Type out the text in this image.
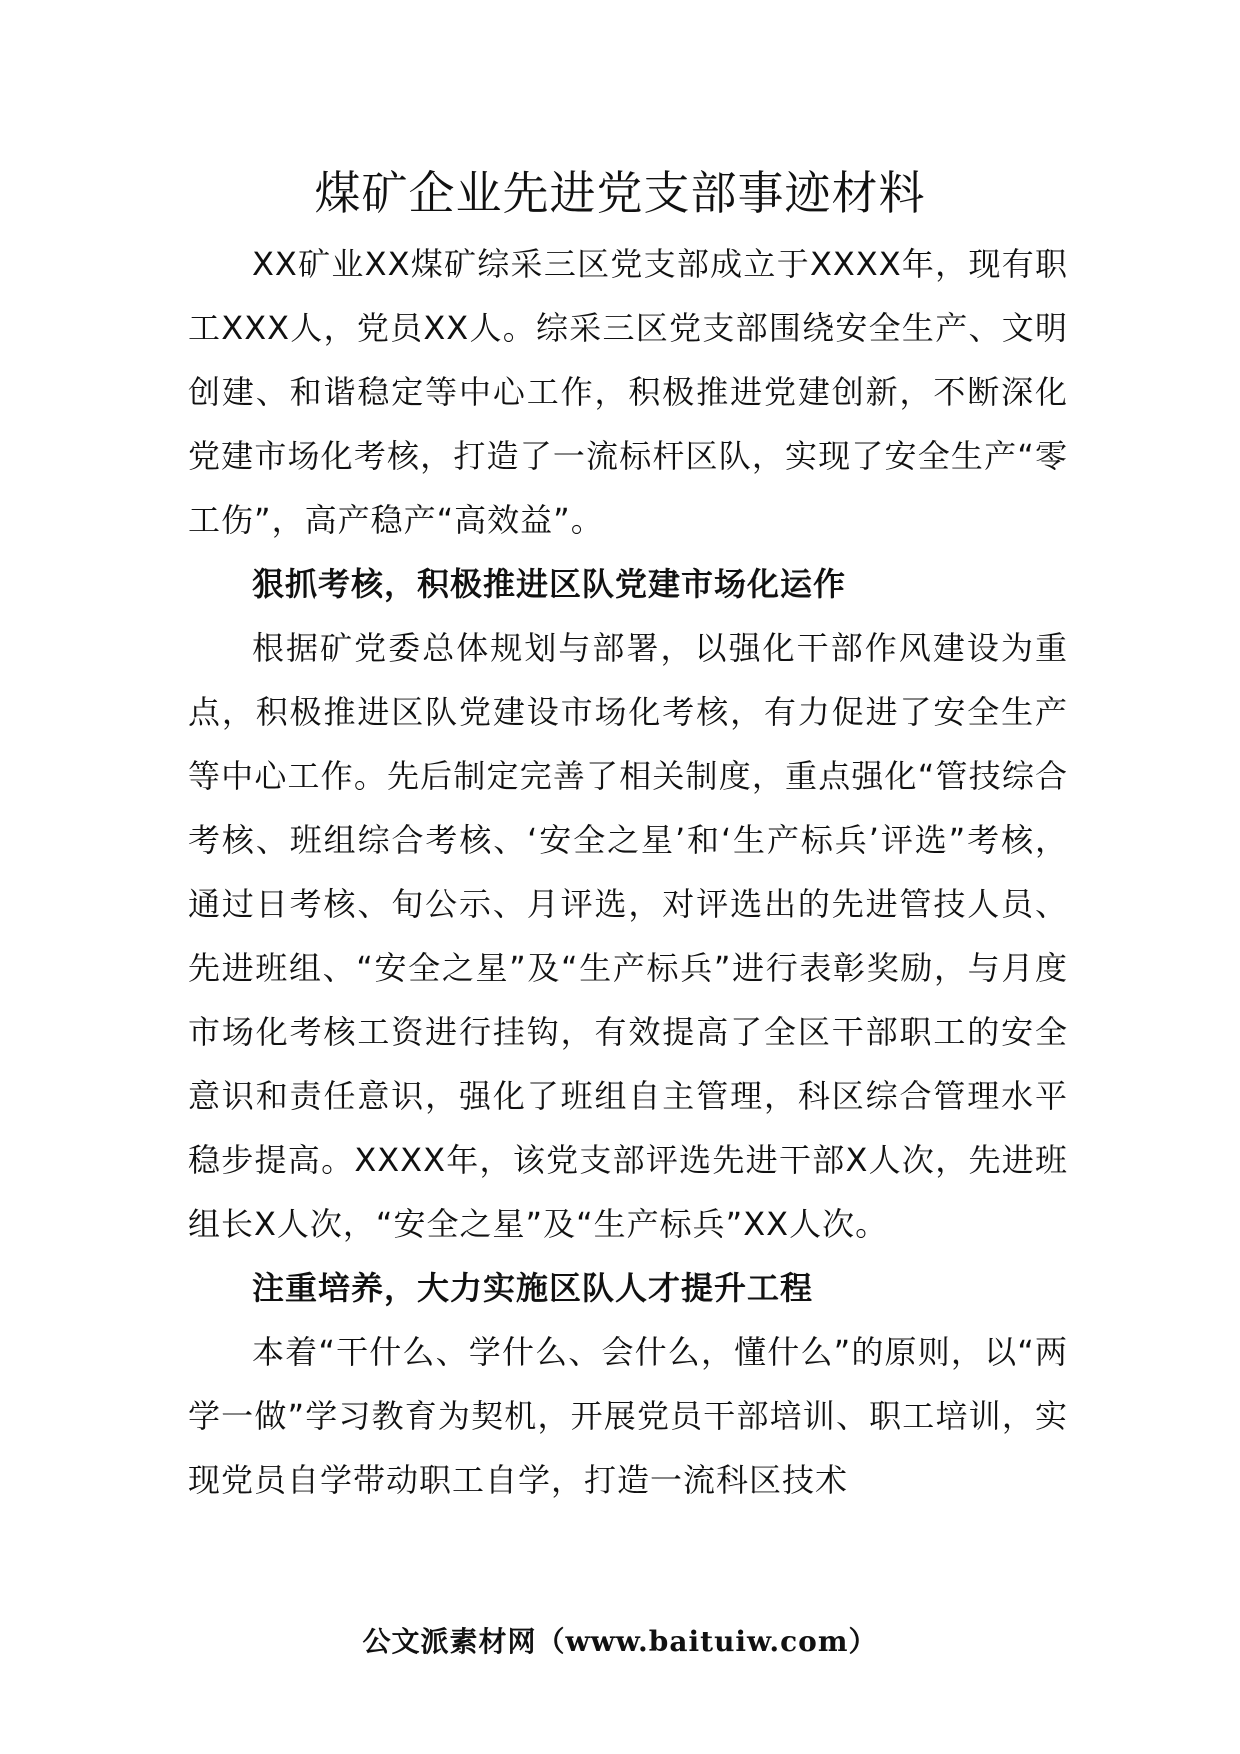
煤矿企业先进党支部事迹材料

XX矿业XX煤矿综采三区党支部成立于XXXX年，现有职工XXX人，党员XX人。综采三区党支部围绕安全生产、文明创建、和谐稳定等中心工作，积极推进党建创新，不断深化党建市场化考核，打造了一流标杆区队，实现了安全生产“零工伤”，高产稳产“高效益”。

狠抓考核，积极推进区队党建市场化运作

根据矿党委总体规划与部署，以强化干部作风建设为重点，积极推进区队党建设市场化考核，有力促进了安全生产等中心工作。先后制定完善了相关制度，重点强化“管技综合考核、班组综合考核、‘安全之星’和‘生产标兵’评选”考核，通过日考核、旬公示、月评选，对评选出的先进管技人员、先进班组、“安全之星”及“生产标兵”进行表彰奖励，与月度市场化考核工资进行挂钩，有效提高了全区干部职工的安全意识和责任意识，强化了班组自主管理，科区综合管理水平稳步提高。XXXX年，该党支部评选先进干部X人次，先进班组长X人次，“安全之星”及“生产标兵”XX人次。

注重培养，大力实施区队人才提升工程

本着“干什么、学什么、会什么，懂什么”的原则，以“两学一做”学习教育为契机，开展党员干部培训、职工培训，实现党员自学带动职工自学，打造一流科区技术

公文派素材网（www.baituiw.com）
